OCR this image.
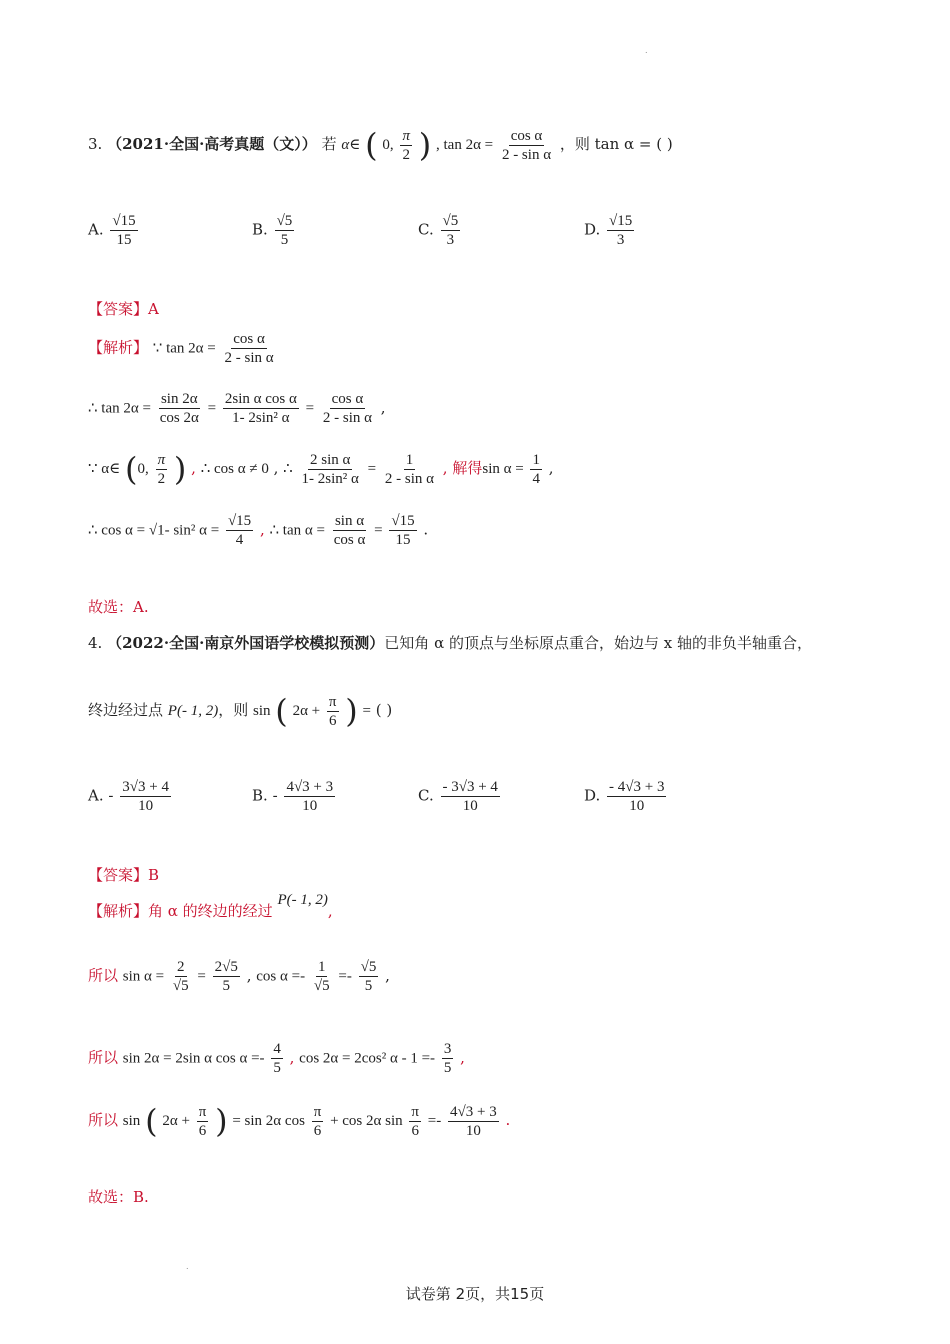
.
.
3. （2021·全国·高考真题（文）） 若 α∈ ( 0, $\frac{\pi}{2}$ ) , $\tan 2\alpha = \frac{\text{cos α}}{\text{2 - sin α}}$ ，则 tan α = ( )
A. $\frac{√15}{15}$	B. $\frac{√5}{5}$	C. $\frac{√5}{3}$	D. $\frac{√15}{3}$
【答案】A
【解析】 ∵ $\tan 2\alpha = \frac{\text{cos α}}{\text{2 - sin α}}$
∴ $\tan 2\alpha = \frac{\sin 2\alpha}{\cos 2\alpha} = \frac{\text{2sin α cos α}}{\text{1- 2sin² α}} = \frac{\text{cos α}}{\text{2 - sin α}}$ ,
∵ α∈ (0, $\frac{\pi}{2}$ ) , ∴ cos α ≠ 0 , ∴ $\frac{\text{2 sin α}}{\text{1- 2sin² α}} = \frac{1}{\text{2 - sin α}}$ , 解得$\sin \alpha = \frac{1}{4}$ ,
∴ cos α = √1- sin² $\alpha = \frac{√15}{4}$ , ∴ $\tan \alpha = \frac{\text{sin α}}{\text{cos α}} = \frac{√15}{15}$ .
故选：A.
4. （2022·全国·南京外国语学校模拟预测）已知角 α 的顶点与坐标原点重合，始边与 x 轴的非负半轴重合，
终边经过点 P(- 1, 2)，则 sin ( $2\alpha + \frac{\pi}{6}$ ) = ( )
A. - $\frac{3√3 + 4}{10}$	B. - $\frac{4√3 + 3}{10}$	C. $\frac{- 3√3 + 4}{10}$	D. $\frac{- 4√3 + 3}{10}$
【答案】B
【解析】角 α 的终边的经过 P(- 1, 2),
所以 $\sin \alpha = \frac{2}{√5} = \frac{2√5}{5}$ , $\cos \alpha =- \frac{1}{√5} =- \frac{√5}{5}$ ,
所以 sin 2α = 2sin α $\cos \alpha =- \frac{4}{5}$ , cos 2α = 2cos² $\alpha - 1 =- \frac{3}{5}$ ,
所以 sin ( $2\alpha + \frac{\pi}{6}$ ) = sin 2α $\cos \frac{\pi}{6} + \cos 2\alpha$ $\sin \frac{\pi}{6} =- \frac{4√3 + 3}{10}$ .
故选：B.
试卷第 2页，共15页
